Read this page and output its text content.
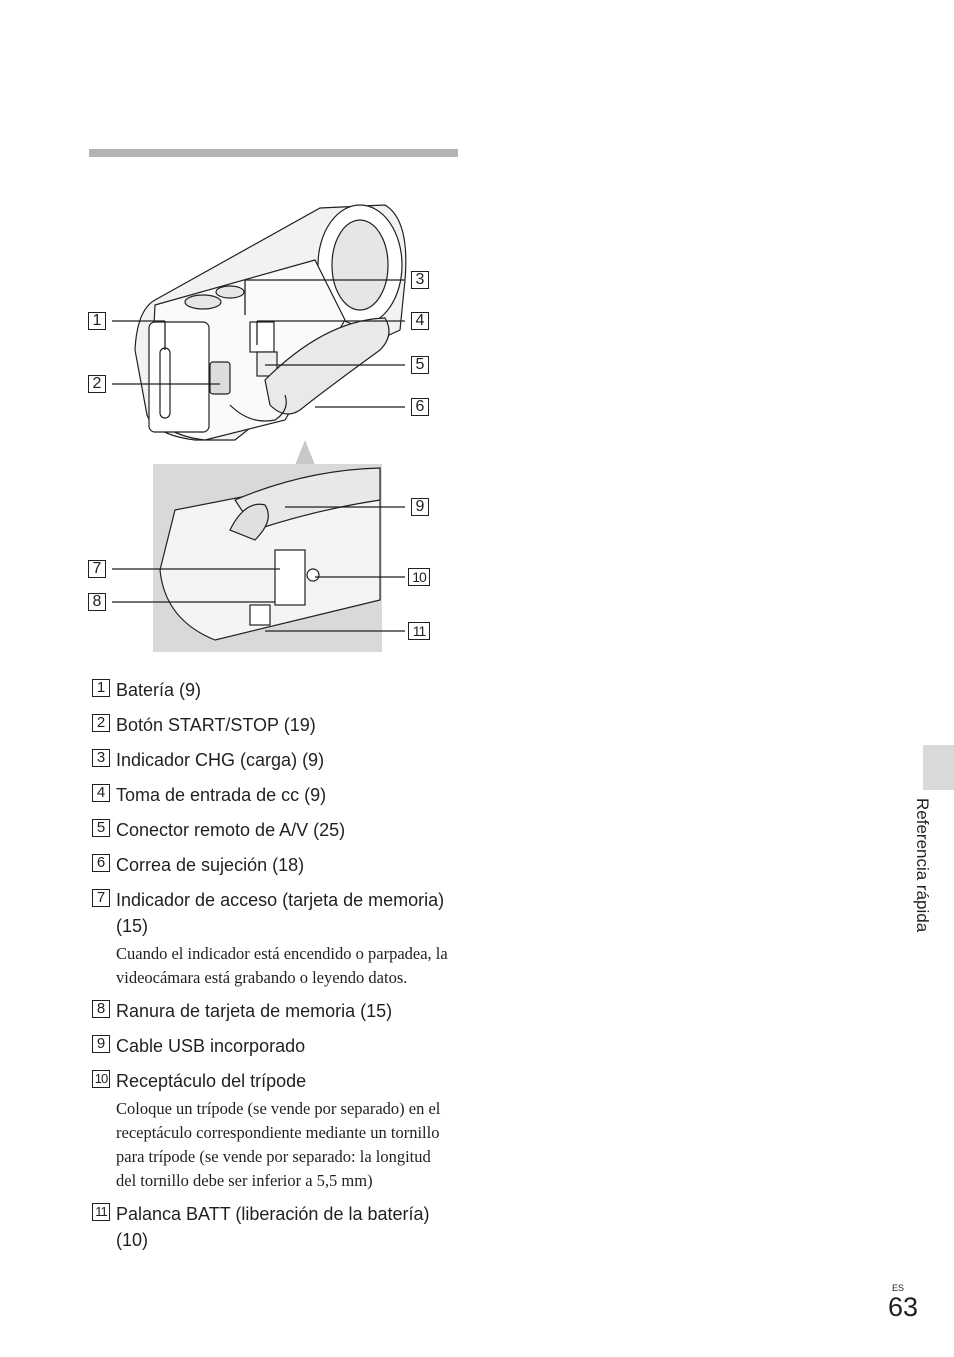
1
2
3
4
5
6
7
8
9
10
11
1 Batería (9)
2 Botón START/STOP (19)
3 Indicador CHG (carga) (9)
4 Toma de entrada de cc (9)
5 Conector remoto de A/V (25)
6 Correa de sujeción (18)
7 Indicador de acceso (tarjeta de memoria) (15)
Cuando el indicador está encendido o parpadea, la videocámara está grabando o leyendo datos.
8 Ranura de tarjeta de memoria (15)
9 Cable USB incorporado
10 Receptáculo del trípode
Coloque un trípode (se vende por separado) en el receptáculo correspondiente mediante un tornillo para trípode (se vende por separado: la longitud del tornillo debe ser inferior a 5,5 mm)
11 Palanca BATT (liberación de la batería) (10)
Referencia rápida
ES
63
